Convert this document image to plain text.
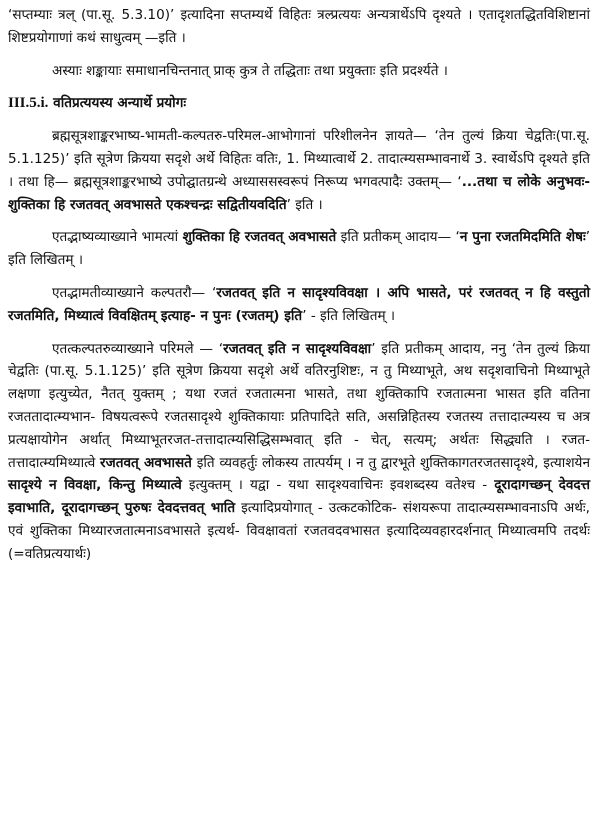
‘सप्तम्याः त्रल् (पा.सू. 5.3.10)’ इत्यादिना सप्तम्यर्थे विहितः त्रल्प्रत्ययः अन्यत्रार्थेऽपि दृश्यते । एतादृशतद्धितविशिष्टानां शिष्टप्रयोगाणां कथं साधुत्वम् —इति ।

अस्याः शङ्कायाः समाधानचिन्तनात् प्राक् कुत्र ते तद्धिताः तथा प्रयुक्ताः इति प्रदर्श्यते ।

III.5.i. वतिप्रत्ययस्य अन्यार्थे प्रयोगः

ब्रह्मसूत्रशाङ्करभाष्य-भामती-कल्पतरु-परिमल-आभोगानां परिशीलनेन ज्ञायते— ‘तेन तुल्यं क्रिया चेद्वतिः(पा.सू. 5.1.125)’ इति सूत्रेण क्रियया सदृशे अर्थे विहितः वतिः, 1. मिथ्यात्वार्थे 2. तादात्म्यसम्भावनार्थे 3. स्वार्थेऽपि दृश्यते इति । तथा हि— ब्रह्मसूत्रशाङ्करभाष्ये उपोद्घातग्रन्थे अध्याससस्वरूपं निरूप्य भगवत्पादैः उक्तम्— ‘...तथा च लोके अनुभवः- शुक्तिका हि रजतवत् अवभासते एकश्चन्द्रः सद्वितीयवदिति’ इति ।

एतद्भाष्यव्याख्याने भामत्यां शुक्तिका हि रजतवत् अवभासते इति प्रतीकम् आदाय— ‘न पुना रजतमिदमिति शेषः’ इति लिखितम् ।

एतद्भामतीव्याख्याने कल्पतरौ— ‘रजतवत् इति न सादृश्यविवक्षा । अपि भासते, परं रजतवत् न हि वस्तुतो रजतमिति, मिथ्यात्वं विवक्षितम् इत्याह- न पुनः (रजतम्) इति’ - इति लिखितम् ।

एतत्कल्पतरुव्याख्याने परिमले — ‘रजतवत् इति न सादृश्यविवक्षा’ इति प्रतीकम् आदाय, ननु ‘तेन तुल्यं क्रिया चेद्वतिः (पा.सू. 5.1.125)’ इति सूत्रेण क्रियया सदृशे अर्थे वतिरनुशिष्टः, न तु मिथ्याभूते, अथ सदृशवाचिनो मिथ्याभूते लक्षणा इत्युच्येत, नैतत् युक्तम् ; यथा रजतं रजतात्मना भासते, तथा शुक्तिकापि रजतात्मना भासत इति वतिना रजततादात्म्यभान- विषयत्वरूपे रजतसादृश्ये शुक्तिकायाः प्रतिपादिते सति, असन्निहितस्य रजतस्य तत्तादात्म्यस्य च अत्र प्रत्यक्षायोगेन अर्थात् मिथ्याभूतरजत-तत्तादात्म्यसिद्धिसम्भवात् इति - चेत्, सत्यम्; अर्थतः सिद्ध्यति । रजत-तत्तादात्म्यमिथ्यात्वे रजतवत् अवभासते इति व्यवहर्तुः लोकस्य तात्पर्यम् । न तु द्वारभूते शुक्तिकागतरजतसादृश्ये, इत्याशयेन सादृश्ये न विवक्षा, किन्तु मिथ्यात्वे इत्युक्तम् । यद्वा - यथा सादृश्यवाचिनः इवशब्दस्य वतेश्च - दूरादागच्छन् देवदत्त इवाभाति, दूरादागच्छन् पुरुषः देवदत्तवत् भाति इत्यादिप्रयोगात् - उत्कटकोटिक- संशयरूपा तादात्म्यसम्भावनाऽपि अर्थः, एवं शुक्तिका मिथ्यारजतात्मनाऽवभासते इत्यर्थ- विवक्षावतां रजतवदवभासत इत्यादिव्यवहारदर्शनात् मिथ्यात्वमपि तदर्थः (=वतिप्रत्ययार्थः)
